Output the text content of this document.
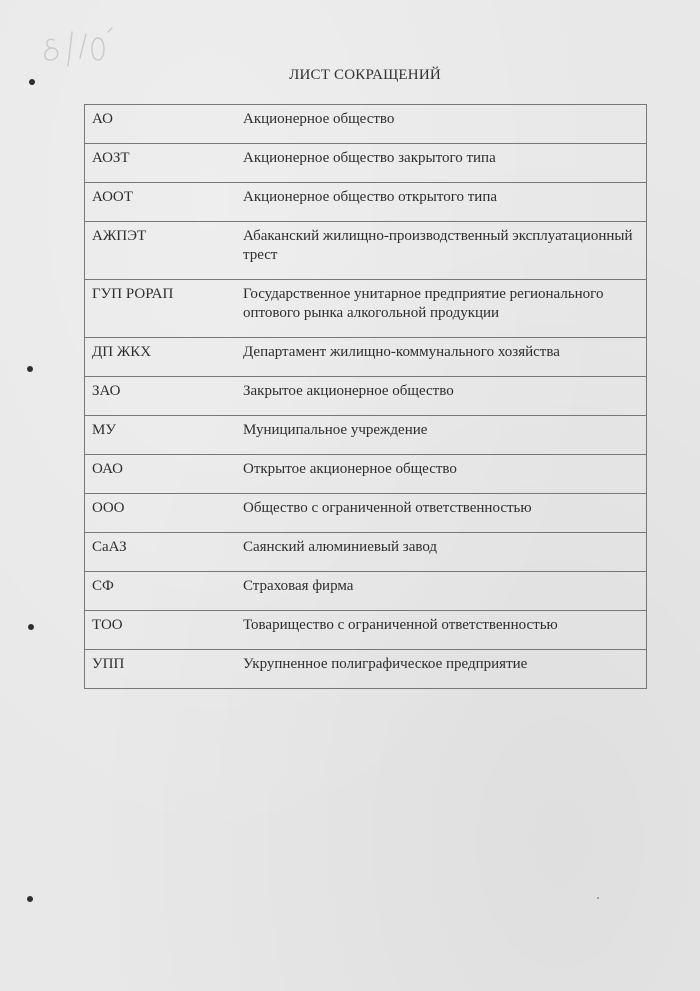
ЛИСТ СОКРАЩЕНИЙ
АО	Акционерное общество
АОЗТ	Акционерное общество закрытого типа
АООТ	Акционерное общество открытого типа
АЖПЭТ	Абаканский жилищно-производственный эксплуатационный трест
ГУП РОРАП	Государственное унитарное предприятие регионального оптового рынка алкогольной продукции
ДП ЖКХ	Департамент жилищно-коммунального хозяйства
ЗАО	Закрытое акционерное общество
МУ	Муниципальное учреждение
ОАО	Открытое акционерное общество
ООО	Общество с ограниченной ответственностью
СаАЗ	Саянский алюминиевый завод
СФ	Страховая фирма
ТОО	Товарищество с ограниченной ответственностью
УПП	Укрупненное полиграфическое предприятие
